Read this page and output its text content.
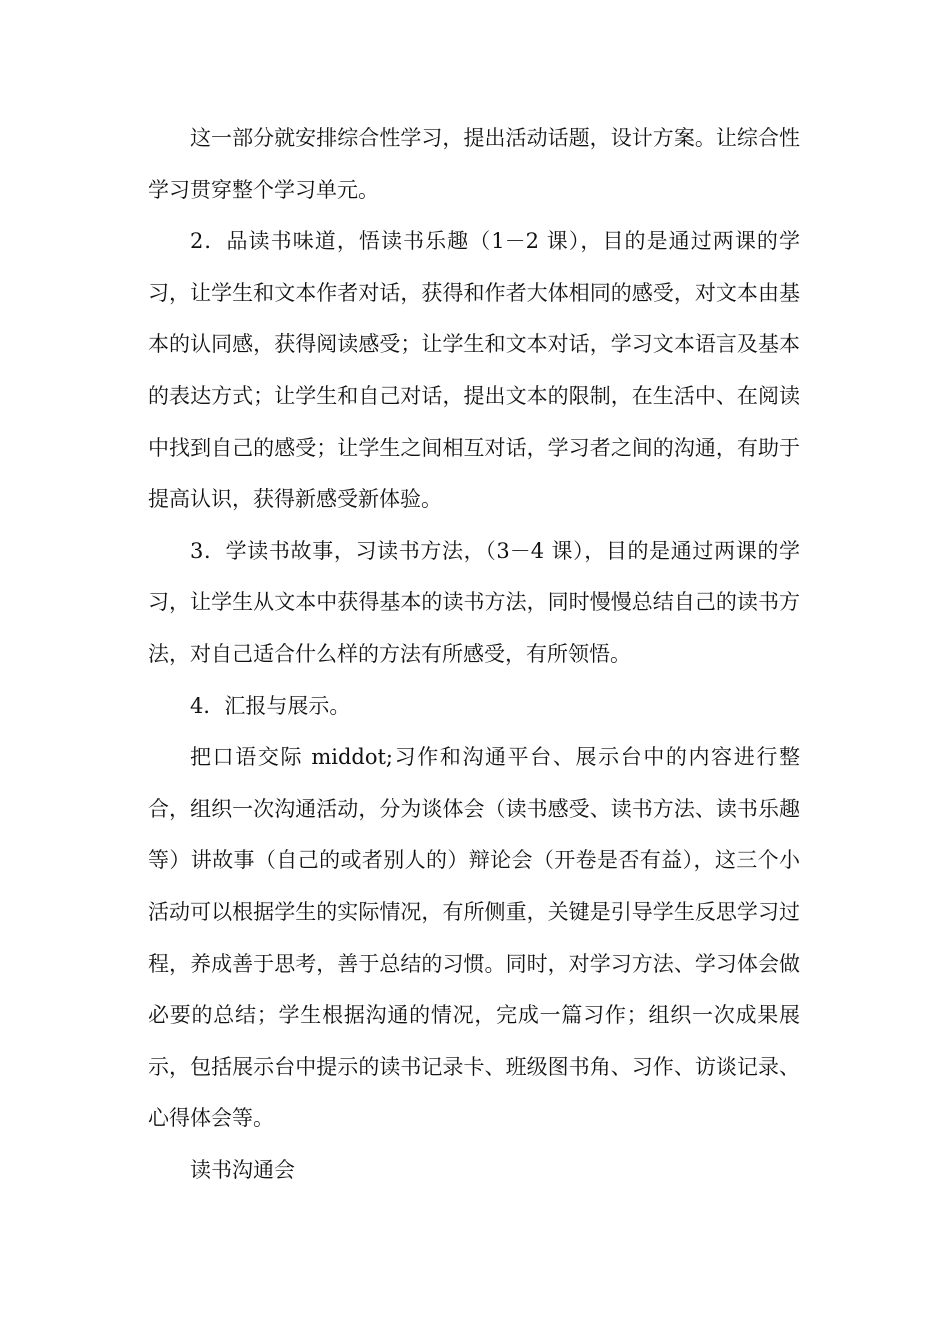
这一部分就安排综合性学习，提出活动话题，设计方案。让综合性学习贯穿整个学习单元。

2．品读书味道，悟读书乐趣（1－2 课），目的是通过两课的学习，让学生和文本作者对话，获得和作者大体相同的感受，对文本由基本的认同感，获得阅读感受；让学生和文本对话，学习文本语言及基本的表达方式；让学生和自己对话，提出文本的限制，在生活中、在阅读中找到自己的感受；让学生之间相互对话，学习者之间的沟通，有助于提高认识，获得新感受新体验。

3．学读书故事，习读书方法，（3－4 课），目的是通过两课的学习，让学生从文本中获得基本的读书方法，同时慢慢总结自己的读书方法，对自己适合什么样的方法有所感受，有所领悟。

4．汇报与展示。

把口语交际 middot;习作和沟通平台、展示台中的内容进行整合，组织一次沟通活动，分为谈体会（读书感受、读书方法、读书乐趣等）讲故事（自己的或者别人的）辩论会（开卷是否有益），这三个小活动可以根据学生的实际情况，有所侧重，关键是引导学生反思学习过程，养成善于思考，善于总结的习惯。同时，对学习方法、学习体会做必要的总结；学生根据沟通的情况，完成一篇习作；组织一次成果展示，包括展示台中提示的读书记录卡、班级图书角、习作、访谈记录、心得体会等。

读书沟通会
